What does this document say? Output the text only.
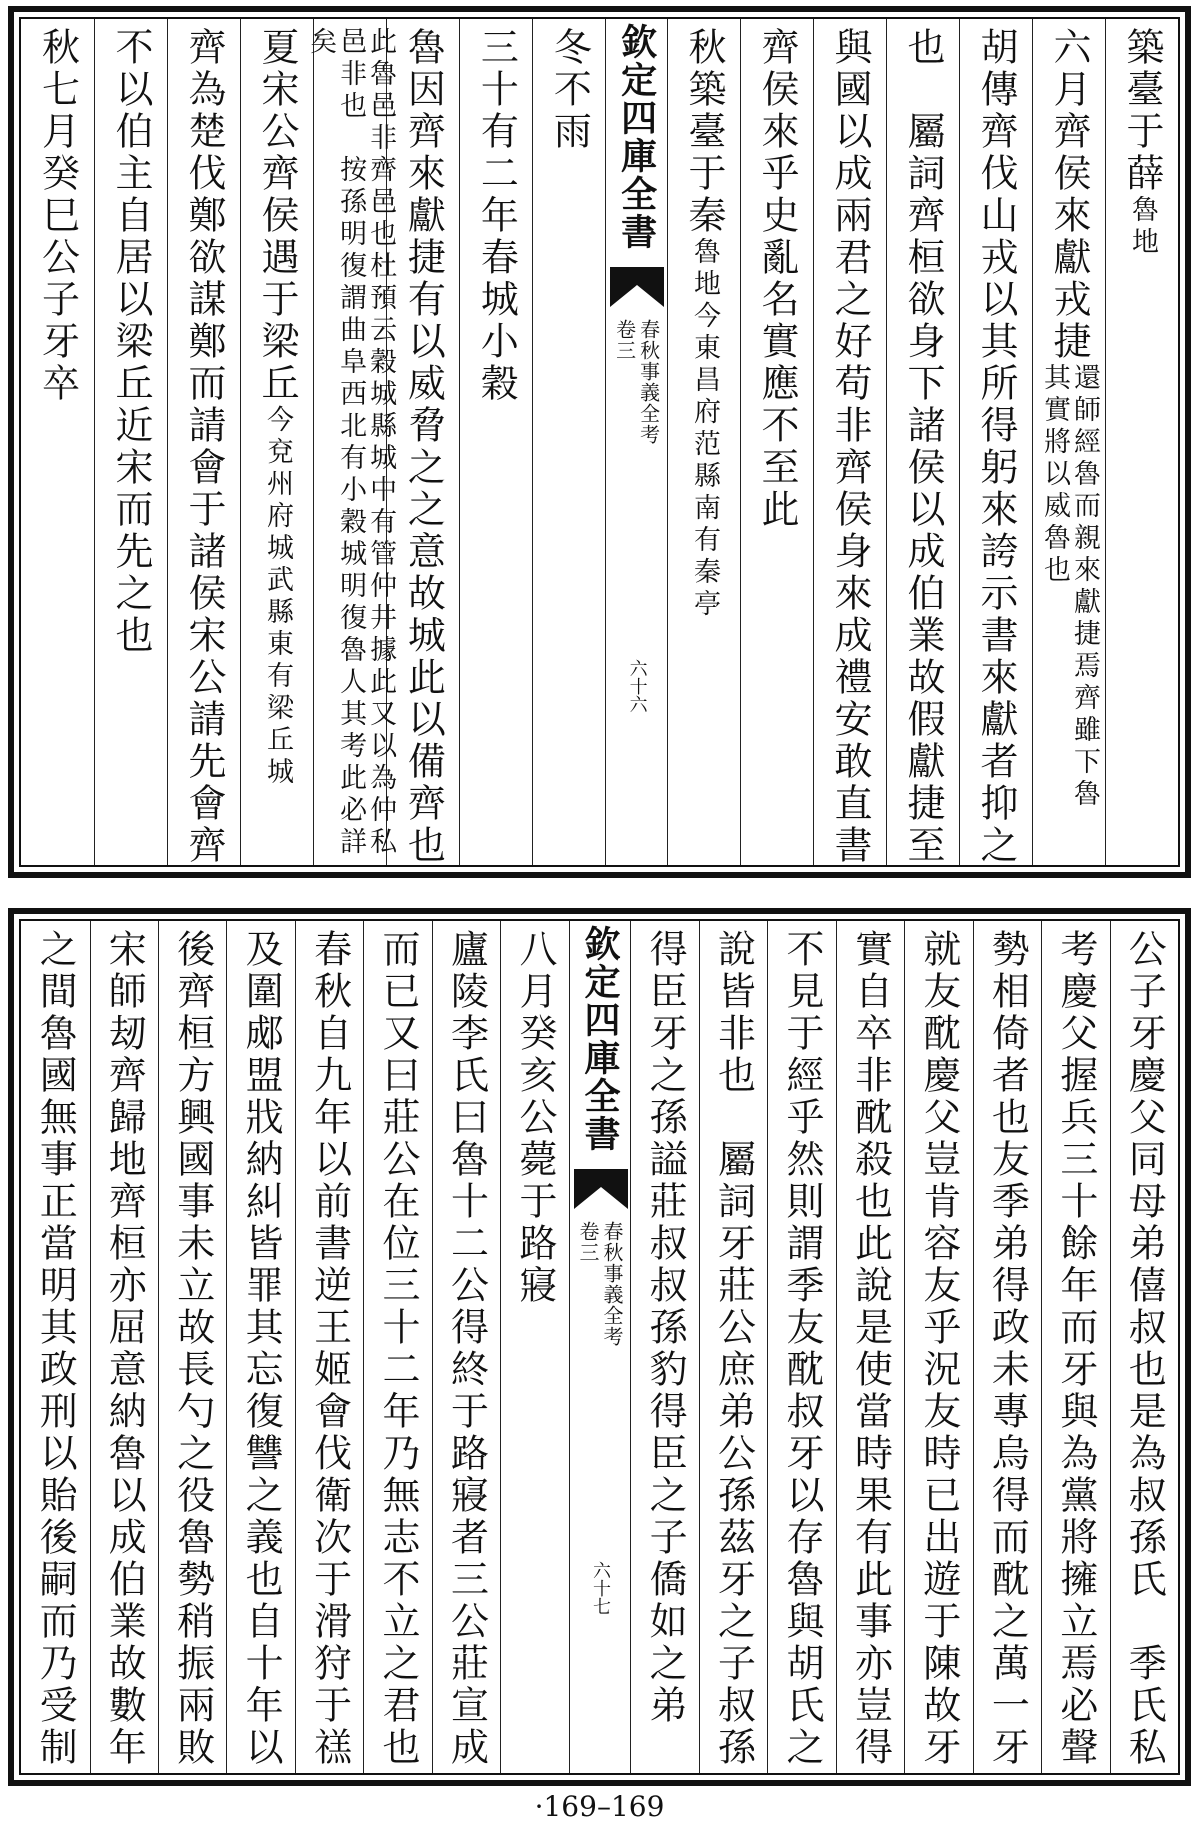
築臺于薛
魯地
六月齊侯來獻戎捷
還師經魯而親來獻捷焉齊雖下魯其實將以威魯也
胡傳齊伐山戎以其所得躬來誇示書來獻者抑之
也　屬詞齊桓欲身下諸侯以成伯業故假獻捷至
與國以成兩君之好苟非齊侯身來成禮安敢直書
齊侯來乎史亂名實應不至此
秋築臺于秦
魯地今東昌府范縣南有秦亭
欽定四庫全書
春秋事義全考
卷三
六十六
冬不雨
三十有二年春城小穀
魯因齊來獻捷有以威脅之之意故城此以備齊也
此魯邑非齊邑也杜預云穀城縣城中有管仲井據此又以為仲私邑非也　按孫明復謂曲阜西北有小穀城明復魯人其考此必詳矣
夏宋公齊侯遇于梁丘
今兗州府城武縣東有梁丘城
齊為楚伐鄭欲謀鄭而請會于諸侯宋公請先會齊
不以伯主自居以梁丘近宋而先之也
秋七月癸巳公子牙卒
公子牙慶父同母弟僖叔也是為叔孫氏　季氏私
考慶父握兵三十餘年而牙與為黨將擁立焉必聲
勢相倚者也友季弟得政未專烏得而酖之萬一牙
就友酖慶父豈肯容友乎況友時已出遊于陳故牙
實自卒非酖殺也此說是使當時果有此事亦豈得
不見于經乎然則謂季友酖叔牙以存魯與胡氏之
說皆非也　屬詞牙莊公庶弟公孫茲牙之子叔孫
得臣牙之孫謚莊叔叔孫豹得臣之子僑如之弟
欽定四庫全書
春秋事義全考
卷三
六十七
八月癸亥公薨于路寢
廬陵李氏曰魯十二公得終于路寢者三公莊宣成
而已又曰莊公在位三十二年乃無志不立之君也
春秋自九年以前書逆王姬會伐衛次于滑狩于禚
及圍郕盟戕納糾皆罪其忘復讐之義也自十年以
後齊桓方興國事未立故長勺之役魯勢稍振兩敗
宋師刼齊歸地齊桓亦屈意納魯以成伯業故數年
之間魯國無事正當明其政刑以貽後嗣而乃受制
·169–169
